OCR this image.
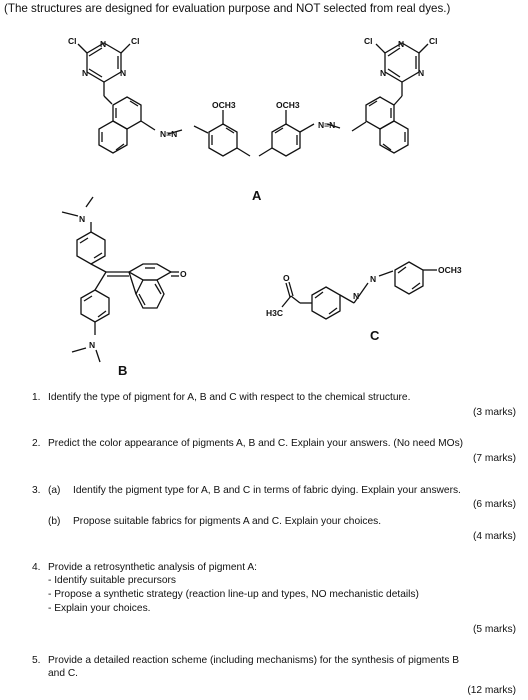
(The structures are designed for evaluation purpose and NOT selected from real dyes.)
Cl	Cl
N
N	N
N=N
OCH3	OCH3
N=N
Cl	Cl
N
N	N
N
N
O	O
H3C
N
N
OCH3
A
B
C
1. Identify the type of pigment for A, B and C with respect to the chemical structure.
(3 marks)
2. Predict the color appearance of pigments A, B and C. Explain your answers. (No need MOs)
(7 marks)
3. (a) Identify the pigment type for A, B and C in terms of fabric dying. Explain your answers.
(6 marks)
(b) Propose suitable fabrics for pigments A and C. Explain your choices.
(4 marks)
4. Provide a retrosynthetic analysis of pigment A:
- Identify suitable precursors
- Propose a synthetic strategy (reaction line-up and types, NO mechanistic details)
- Explain your choices.
(5 marks)
5. Provide a detailed reaction scheme (including mechanisms) for the synthesis of pigments B
and C.
(12 marks)
